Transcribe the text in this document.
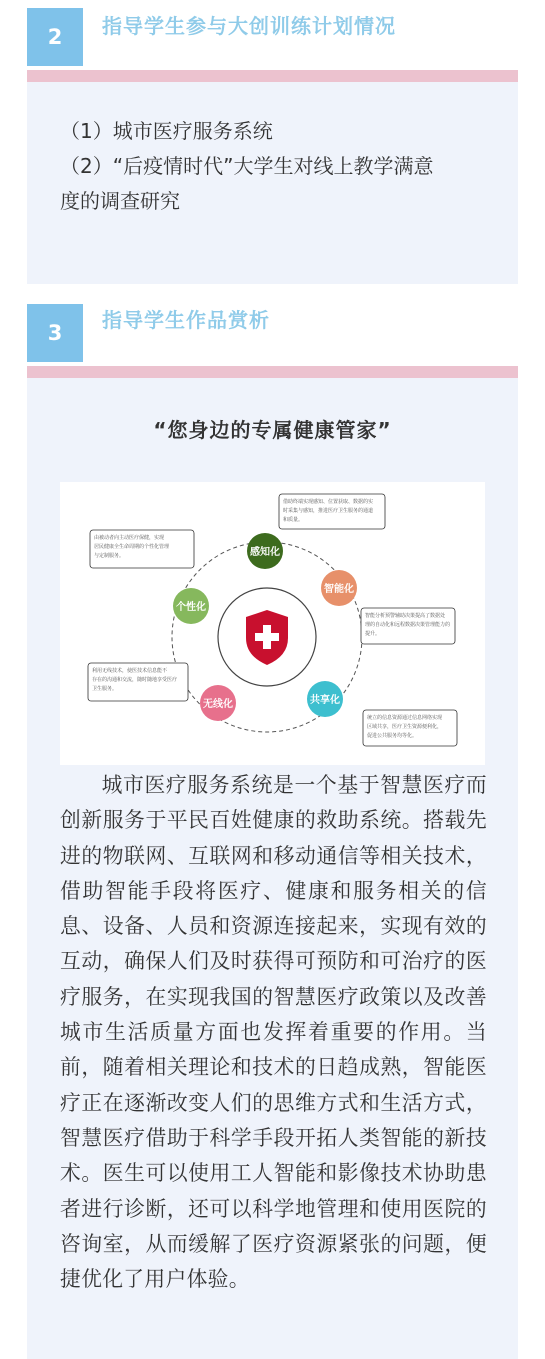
2 指导学生参与大创训练计划情况
（1）城市医疗服务系统
（2）“后疫情时代”大学生对线上教学满意
度的调查研究
3
指导学生作品赏析
“您身边的专属健康管家”
借助终端实现感知、位置获取、数据的实
时采集与感知，推进医疗卫生服务的通道
和质量。
智能分析预警辅助决策提高了数据处
理的自动化和远程数据决策管理能力的
提升。
统立的信息资源通过信息网络实现
区域共享，医疗卫生资源便利化，
促进公共服务均等化。
利用无线技术，使医技术信息能不
存在的沟通和交流，随时随地享受医疗
卫生服务。
由被动者向主动医疗保健，实现
居民健康全生命周期的个性化管理
与定制服务。	感知化
智能化
共享化
无线化
个性化
城市医疗服务系统是一个基于智慧医疗而创新服务于平民百姓健康的救助系统。搭载先进的物联网、互联网和移动通信等相关技术，借助智能手段将医疗、健康和服务相关的信息、设备、人员和资源连接起来，实现有效的互动，确保人们及时获得可预防和可治疗的医疗服务，在实现我国的智慧医疗政策以及改善城市生活质量方面也发挥着重要的作用。当前，随着相关理论和技术的日趋成熟，智能医疗正在逐渐改变人们的思维方式和生活方式，智慧医疗借助于科学手段开拓人类智能的新技术。医生可以使用工人智能和影像技术协助患者进行诊断，还可以科学地管理和使用医院的咨询室，从而缓解了医疗资源紧张的问题，便捷优化了用户体验。
